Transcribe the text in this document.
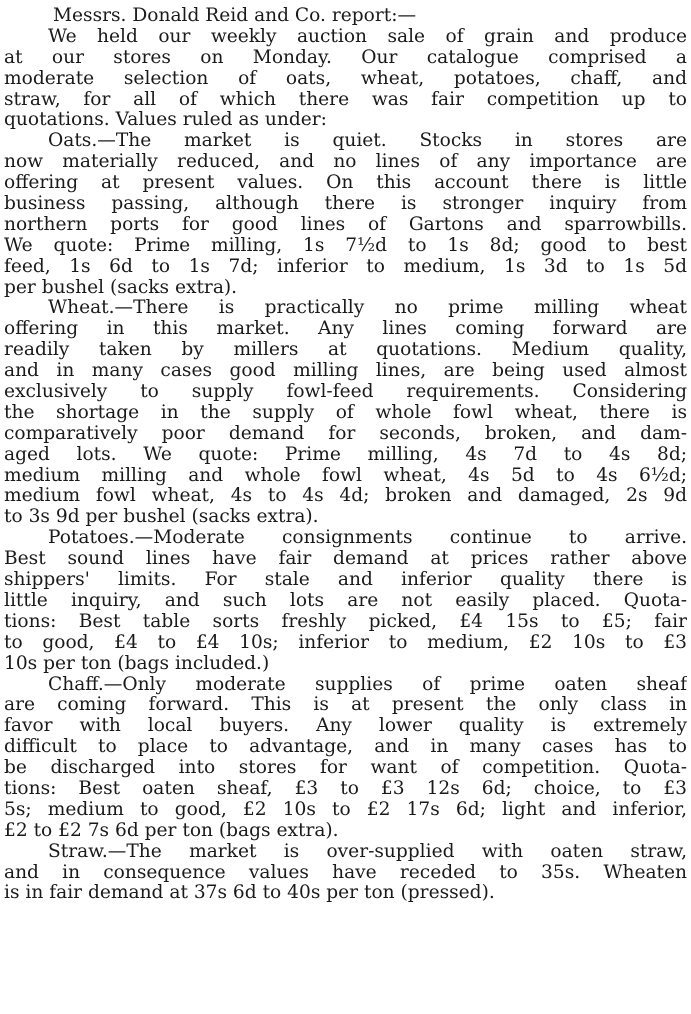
Messrs. Donald Reid and Co. report:—
We held our weekly auction sale of grain and produce
at our stores on Monday. Our catalogue comprised a
moderate selection of oats, wheat, potatoes, chaff, and
straw, for all of which there was fair competition up to
quotations. Values ruled as under:
Oats.—The market is quiet. Stocks in stores are
now materially reduced, and no lines of any importance are
offering at present values. On this account there is little
business passing, although there is stronger inquiry from
northern ports for good lines of Gartons and sparrowbills.
We quote: Prime milling, 1s 7½d to 1s 8d; good to best
feed, 1s 6d to 1s 7d; inferior to medium, 1s 3d to 1s 5d
per bushel (sacks extra).
Wheat.—There is practically no prime milling wheat
offering in this market. Any lines coming forward are
readily taken by millers at quotations. Medium quality,
and in many cases good milling lines, are being used almost
exclusively to supply fowl-feed requirements. Considering
the shortage in the supply of whole fowl wheat, there is
comparatively poor demand for seconds, broken, and dam-
aged lots. We quote: Prime milling, 4s 7d to 4s 8d;
medium milling and whole fowl wheat, 4s 5d to 4s 6½d;
medium fowl wheat, 4s to 4s 4d; broken and damaged, 2s 9d
to 3s 9d per bushel (sacks extra).
Potatoes.—Moderate consignments continue to arrive.
Best sound lines have fair demand at prices rather above
shippers' limits. For stale and inferior quality there is
little inquiry, and such lots are not easily placed. Quota-
tions: Best table sorts freshly picked, £4 15s to £5; fair
to good, £4 to £4 10s; inferior to medium, £2 10s to £3
10s per ton (bags included.)
Chaff.—Only moderate supplies of prime oaten sheaf
are coming forward. This is at present the only class in
favor with local buyers. Any lower quality is extremely
difficult to place to advantage, and in many cases has to
be discharged into stores for want of competition. Quota-
tions: Best oaten sheaf, £3 to £3 12s 6d; choice, to £3
5s; medium to good, £2 10s to £2 17s 6d; light and inferior,
£2 to £2 7s 6d per ton (bags extra).
Straw.—The market is over-supplied with oaten straw,
and in consequence values have receded to 35s. Wheaten
is in fair demand at 37s 6d to 40s per ton (pressed).
